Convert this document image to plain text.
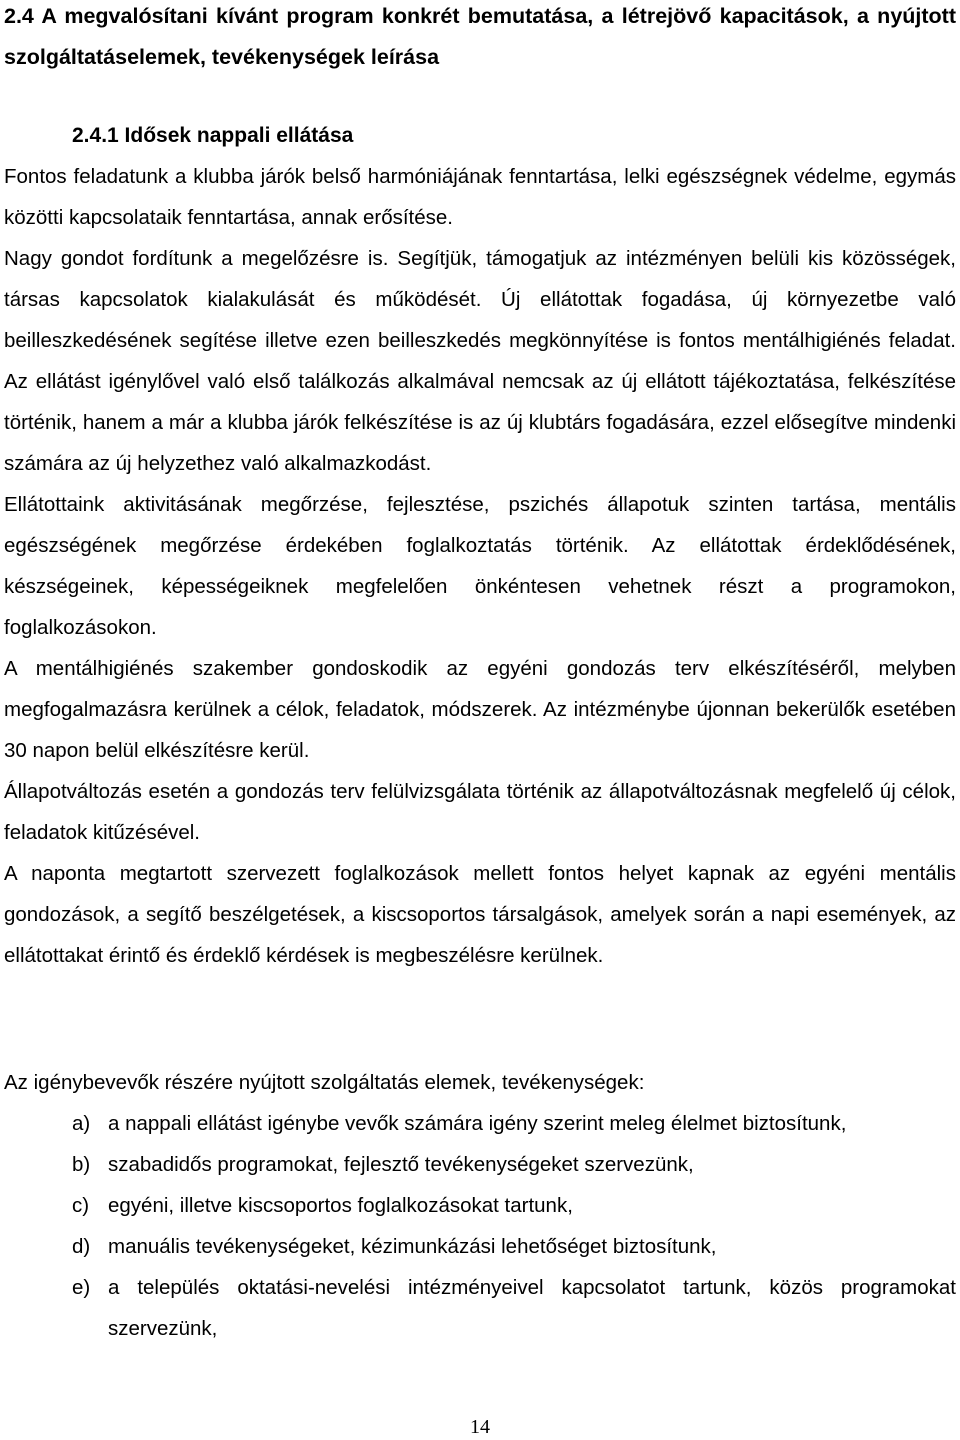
2.4 A megvalósítani kívánt program konkrét bemutatása, a létrejövő kapacitások, a nyújtott szolgáltatáselemek, tevékenységek leírása
2.4.1 Idősek nappali ellátása

Fontos feladatunk a klubba járók belső harmóniájának fenntartása, lelki egészségnek védelme, egymás közötti kapcsolataik fenntartása, annak erősítése.

Nagy gondot fordítunk a megelőzésre is. Segítjük, támogatjuk az intézményen belüli kis közösségek, társas kapcsolatok kialakulását és működését. Új ellátottak fogadása, új környezetbe való beilleszkedésének segítése illetve ezen beilleszkedés megkönnyítése is fontos mentálhigiénés feladat. Az ellátást igénylővel való első találkozás alkalmával nemcsak az új ellátott tájékoztatása, felkészítése történik, hanem a már a klubba járók felkészítése is az új klubtárs fogadására, ezzel elősegítve mindenki számára az új helyzethez való alkalmazkodást.

Ellátottaink aktivitásának megőrzése, fejlesztése, pszichés állapotuk szinten tartása, mentális egészségének megőrzése érdekében foglalkoztatás történik. Az ellátottak érdeklődésének, készségeinek, képességeiknek megfelelően önkéntesen vehetnek részt a programokon, foglalkozásokon.

A mentálhigiénés szakember gondoskodik az egyéni gondozás terv elkészítéséről, melyben megfogalmazásra kerülnek a célok, feladatok, módszerek. Az intézménybe újonnan bekerülők esetében 30 napon belül elkészítésre kerül.

Állapotváltozás esetén a gondozás terv felülvizsgálata történik az állapotváltozásnak megfelelő új célok, feladatok kitűzésével.

A naponta megtartott szervezett foglalkozások mellett fontos helyet kapnak az egyéni mentális gondozások, a segítő beszélgetések, a kiscsoportos társalgások, amelyek során a napi események, az ellátottakat érintő és érdeklő kérdések is megbeszélésre kerülnek.

Az igénybevevők részére nyújtott szolgáltatás elemek, tevékenységek:

a) a nappali ellátást igénybe vevők számára igény szerint meleg élelmet biztosítunk,
b) szabadidős programokat, fejlesztő tevékenységeket szervezünk,
c) egyéni, illetve kiscsoportos foglalkozásokat tartunk,
d) manuális tevékenységeket, kézimunkázási lehetőséget biztosítunk,
e) a település oktatási-nevelési intézményeivel kapcsolatot tartunk, közös programokat szervezünk,
14
